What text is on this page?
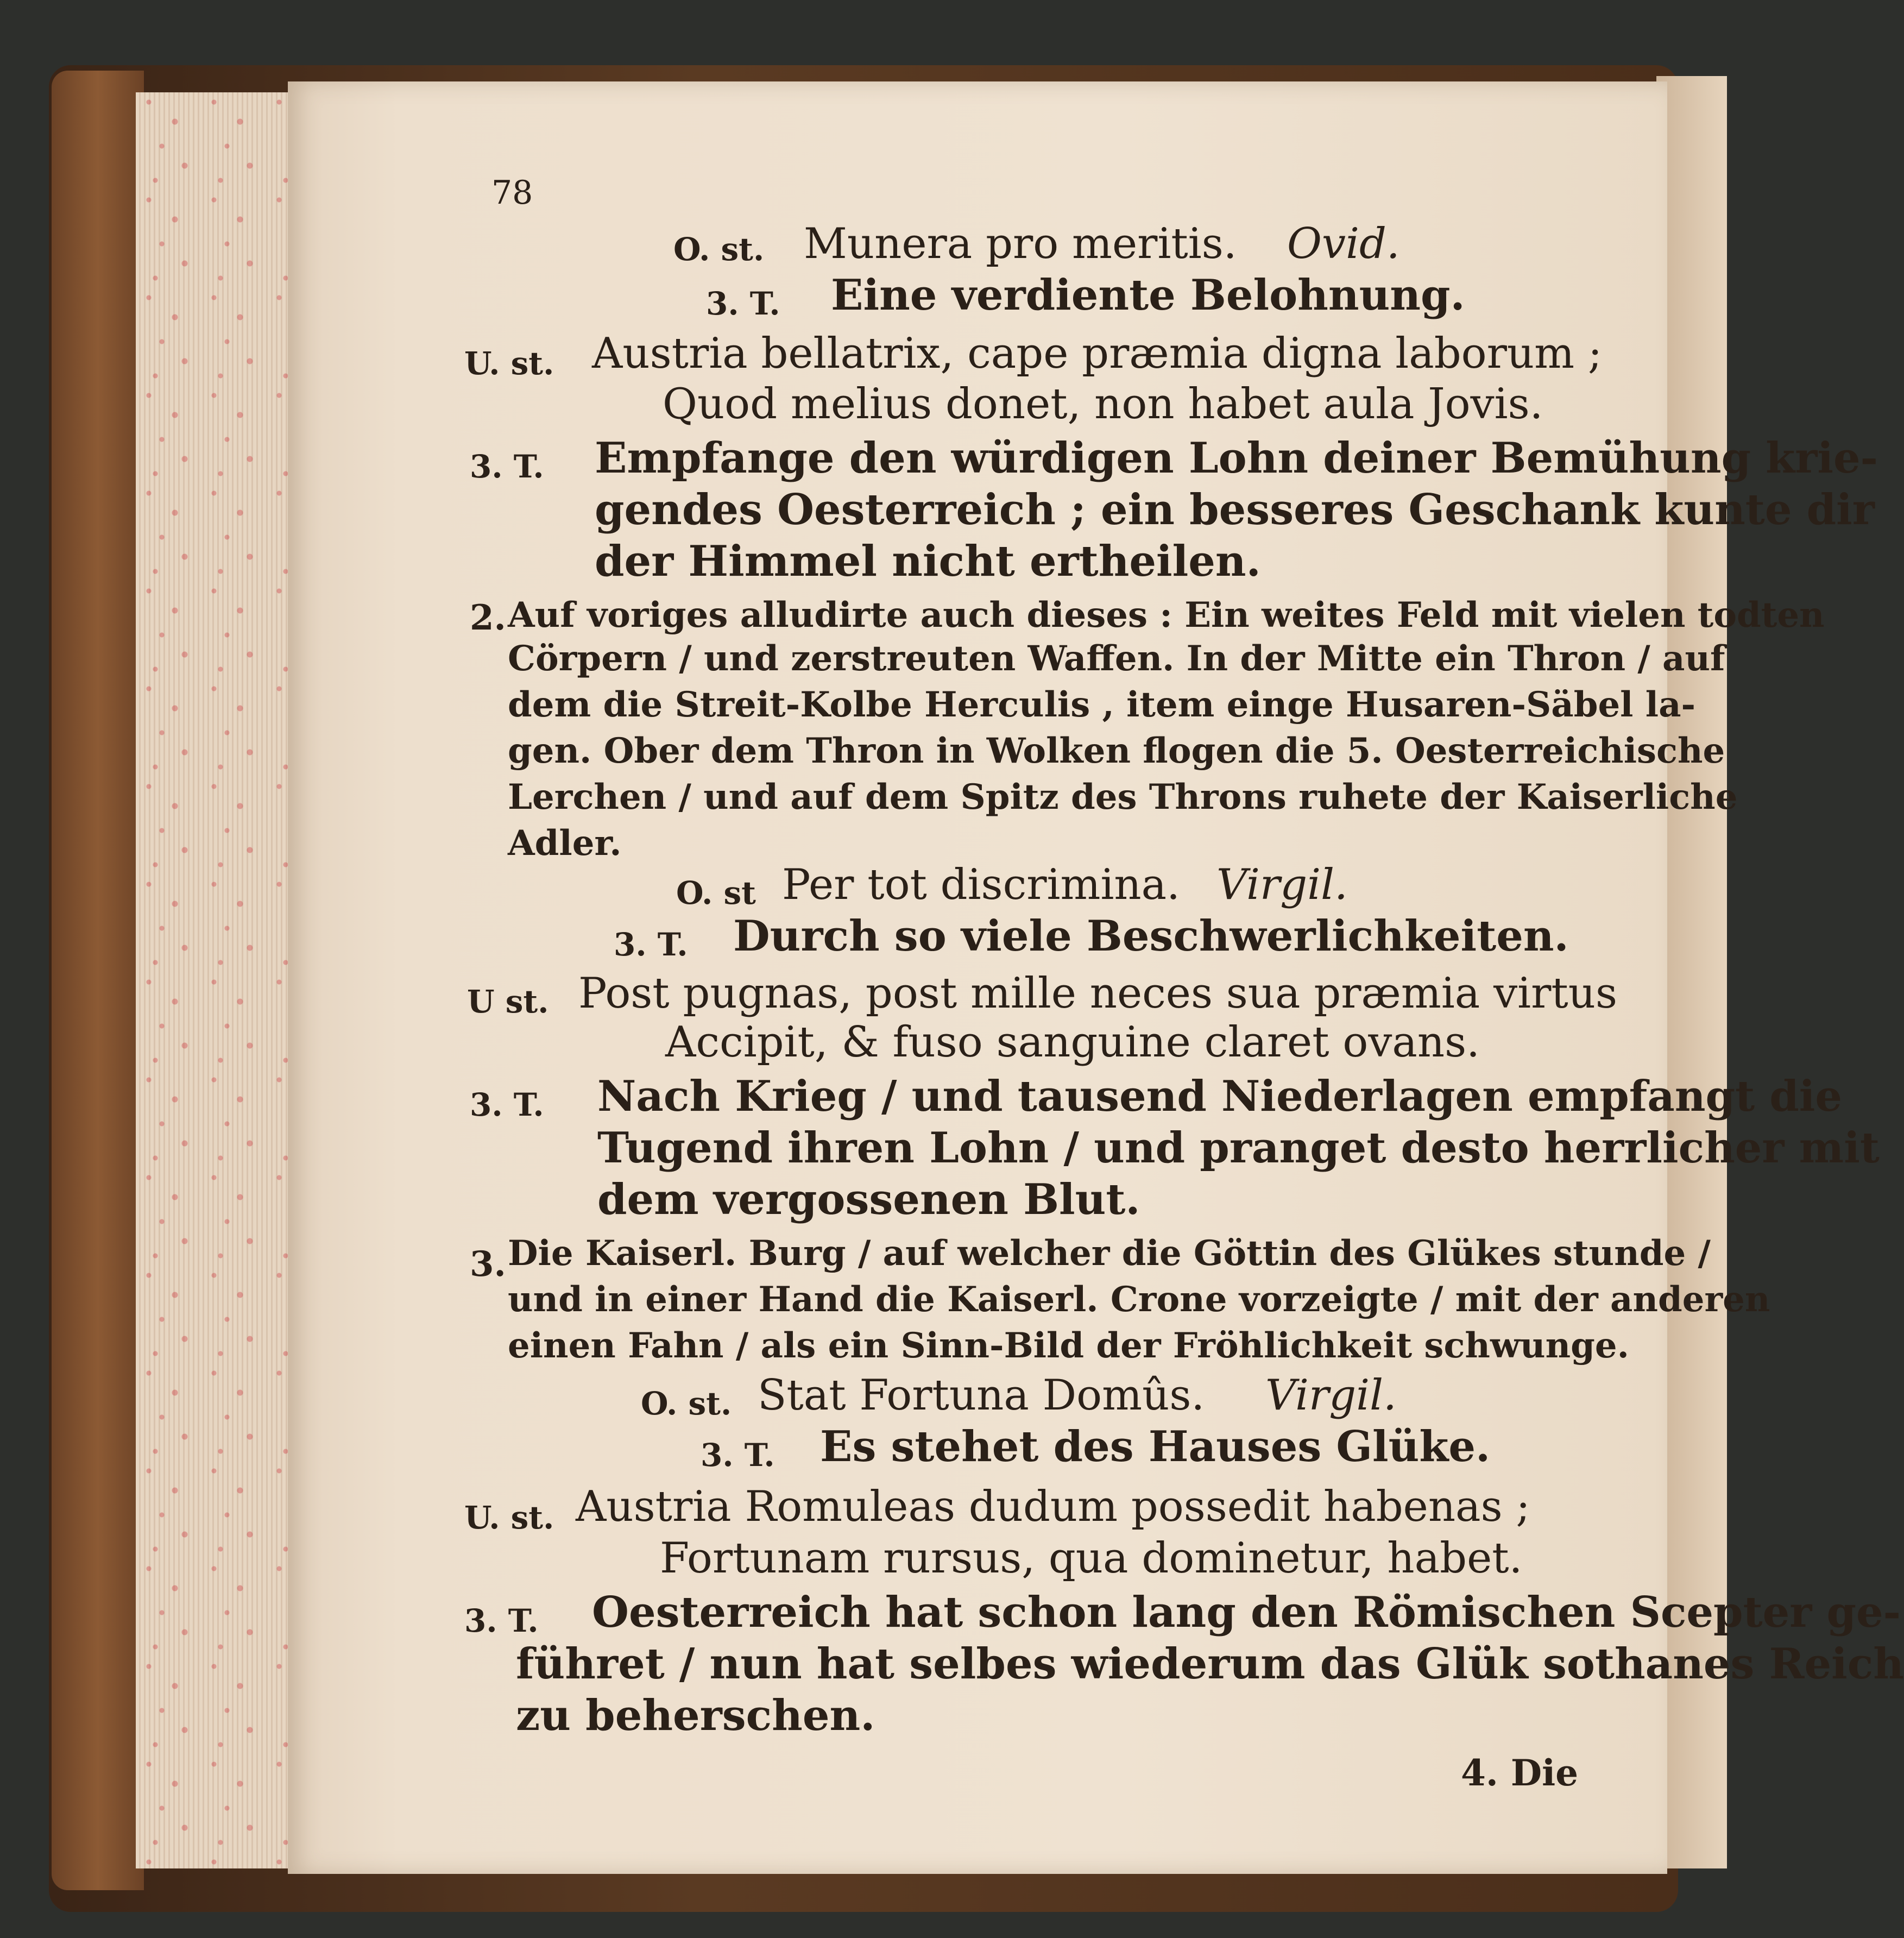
78
O. st. Munera pro meritis. Ovid.
3. T. Eine verdiente Belohnung.
U. st. Austria bellatrix, cape præmia digna laborum ;
Quod melius donet, non habet aula Jovis.
3. T. Empfange den würdigen Lohn deiner Bemühung krie-
gendes Oesterreich ; ein besseres Geschank kunte dir
der Himmel nicht ertheilen.
2. Auf voriges alludirte auch dieses : Ein weites Feld mit vielen todten
Cörpern / und zerstreuten Waffen. In der Mitte ein Thron / auf
dem die Streit-Kolbe Herculis , item einge Husaren-Säbel la-
gen. Ober dem Thron in Wolken flogen die 5. Oesterreichische
Lerchen / und auf dem Spitz des Throns ruhete der Kaiserliche
Adler.
O. st Per tot discrimina. Virgil.
3. T. Durch so viele Beschwerlichkeiten.
U st. Post pugnas, post mille neces sua præmia virtus
Accipit, & fuso sanguine claret ovans.
3. T. Nach Krieg / und tausend Niederlagen empfangt die
Tugend ihren Lohn / und pranget desto herrlicher mit
dem vergossenen Blut.
3. Die Kaiserl. Burg / auf welcher die Göttin des Glükes stunde /
und in einer Hand die Kaiserl. Crone vorzeigte / mit der anderen
einen Fahn / als ein Sinn-Bild der Fröhlichkeit schwunge.
O. st. Stat Fortuna Domûs. Virgil.
3. T. Es stehet des Hauses Glüke.
U. st. Austria Romuleas dudum possedit habenas ;
Fortunam rursus, qua dominetur, habet.
3. T. Oesterreich hat schon lang den Römischen Scepter ge-
führet / nun hat selbes wiederum das Glük sothanes Reich
zu beherschen.
4. Die
